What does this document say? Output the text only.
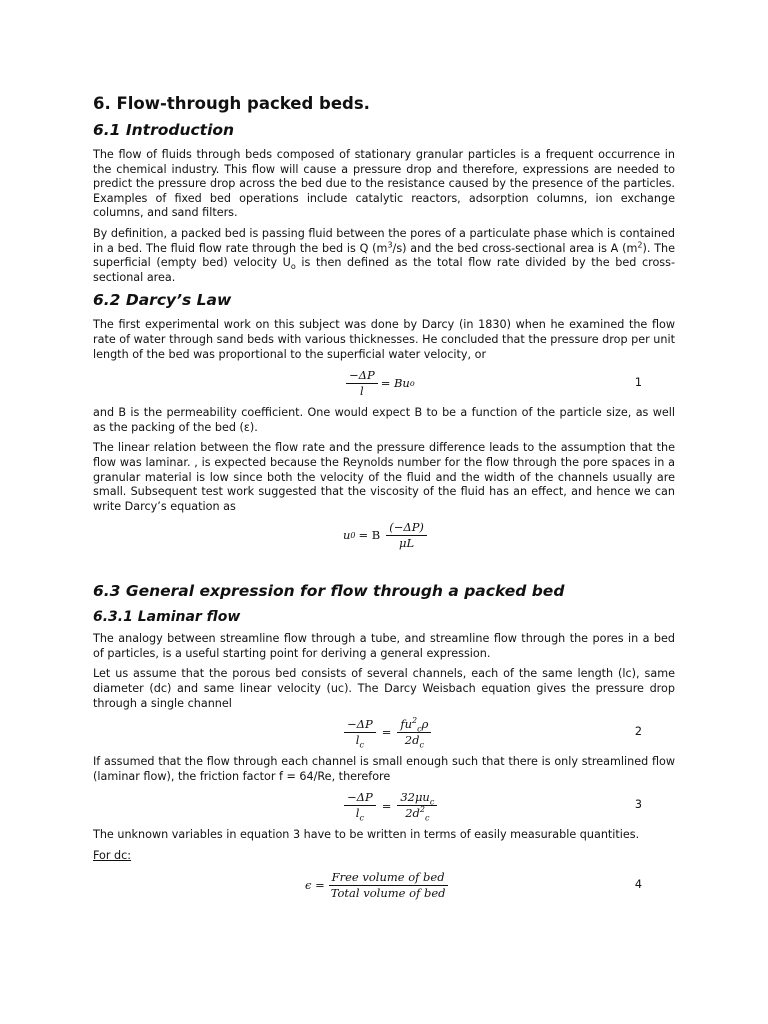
6. Flow-through packed beds.
6.1 Introduction

The flow of fluids through beds composed of stationary granular particles is a frequent occurrence in the chemical industry. This flow will cause a pressure drop and therefore, expressions are needed to predict the pressure drop across the bed due to the resistance caused by the presence of the particles. Examples of fixed bed operations include catalytic reactors, adsorption columns, ion exchange columns, and sand filters.

By definition, a packed bed is passing fluid between the pores of a particulate phase which is contained in a bed. The fluid flow rate through the bed is Q $(m^3/s)$ and the bed cross-sectional area is A $(m^2)$. The superficial (empty bed) velocity $U_o$ is then defined as the total flow rate divided by the bed cross-sectional area.

6.2 Darcy’s Law

The first experimental work on this subject was done by Darcy (in 1830) when he examined the flow rate of water through sand beds with various thicknesses. He concluded that the pressure drop per unit length of the bed was proportional to the superficial water velocity, or

$\frac{-\Delta P}{l} = Bu$ o	1

and B is the permeability coefficient. One would expect B to be a function of the particle size, as well as the packing of the bed (ε).

The linear relation between the flow rate and the pressure difference leads to the assumption that the flow was laminar. , is expected because the Reynolds number for the flow through the pore spaces in a granular material is low since both the velocity of the fluid and the width of the channels usually are small. Subsequent test work suggested that the viscosity of the fluid has an effect, and hence we can write Darcy’s equation as

u 0 = B $\frac{(-\Delta P)}{\mu L}$
6.3 General expression for flow through a packed bed
6.3.1 Laminar flow

The analogy between streamline flow through a tube, and streamline flow through the pores in a bed of particles, is a useful starting point for deriving a general expression.

Let us assume that the porous bed consists of several channels, each of the same length (lc), same diameter (dc) and same linear velocity (uc). The Darcy Weisbach equation gives the pressure drop through a single channel

$\frac{-\Delta P}{l_c} = \frac{fu^2_c\rho}{2d_c}$	2

If assumed that the flow through each channel is small enough such that there is only streamlined flow (laminar flow), the friction factor f = 64/Re, therefore

$\frac{-\Delta P}{l_c} = \frac{32\mu u_c}{2d^2_c}$	3

The unknown variables in equation 3 have to be written in terms of easily measurable quantities.

For dc:

$\epsilon = \frac{\text{Free volume of bed}}{\text{Total volume of bed}}$	4
